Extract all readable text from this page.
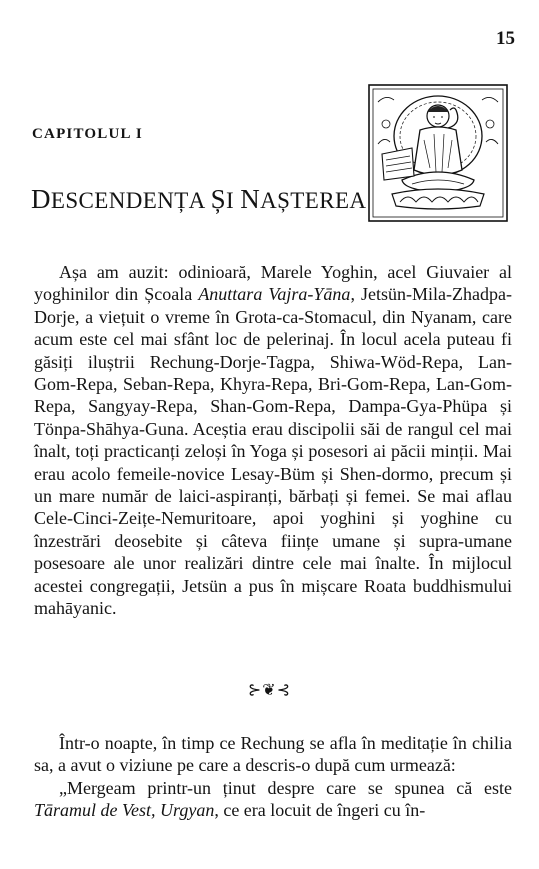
15
CAPITOLUL I
DESCENDENȚA ȘI NAȘTEREA

Așa am auzit: odinioară, Marele Yoghin, acel Giuvaier al yoghinilor din Școala Anuttara Vajra-Yāna, Jetsün-Mila-Zhadpa-Dorje, a viețuit o vreme în Grota-ca-Stomacul, din Nyanam, care acum este cel mai sfânt loc de pelerinaj. În locul acela puteau fi găsiți iluștrii Rechung-Dorje-Tagpa, Shiwa-Wöd-Repa, Lan-Gom-Repa, Seban-Repa, Khyra-Repa, Bri-Gom-Repa, Lan-Gom-Repa, Sangyay-Repa, Shan-Gom-Repa, Dampa-Gya-Phüpa și Tönpa-Shāhya-Guna. Aceștia erau discipolii săi de rangul cel mai înalt, toți practicanți zeloși în Yoga și posesori ai păcii minții. Mai erau acolo femeile-novice Lesay-Büm și Shen-dormo, precum și un mare număr de laici-aspiranți, bărbați și femei. Se mai aflau Cele-Cinci-Zeițe-Nemuritoare, apoi yoghini și yoghine cu înzestrări deosebite și câteva ființe umane și supra-umane posesoare ale unor realizări dintre cele mai înalte. În mijlocul acestei congregații, Jetsün a pus în mișcare Roata buddhismului mahāyanic.

⊱❦⊰

Într-o noapte, în timp ce Rechung se afla în meditație în chilia sa, a avut o viziune pe care a descris-o după cum urmează:

„Mergeam printr-un ținut despre care se spunea că este Tāramul de Vest, Urgyan, ce era locuit de îngeri cu în-
